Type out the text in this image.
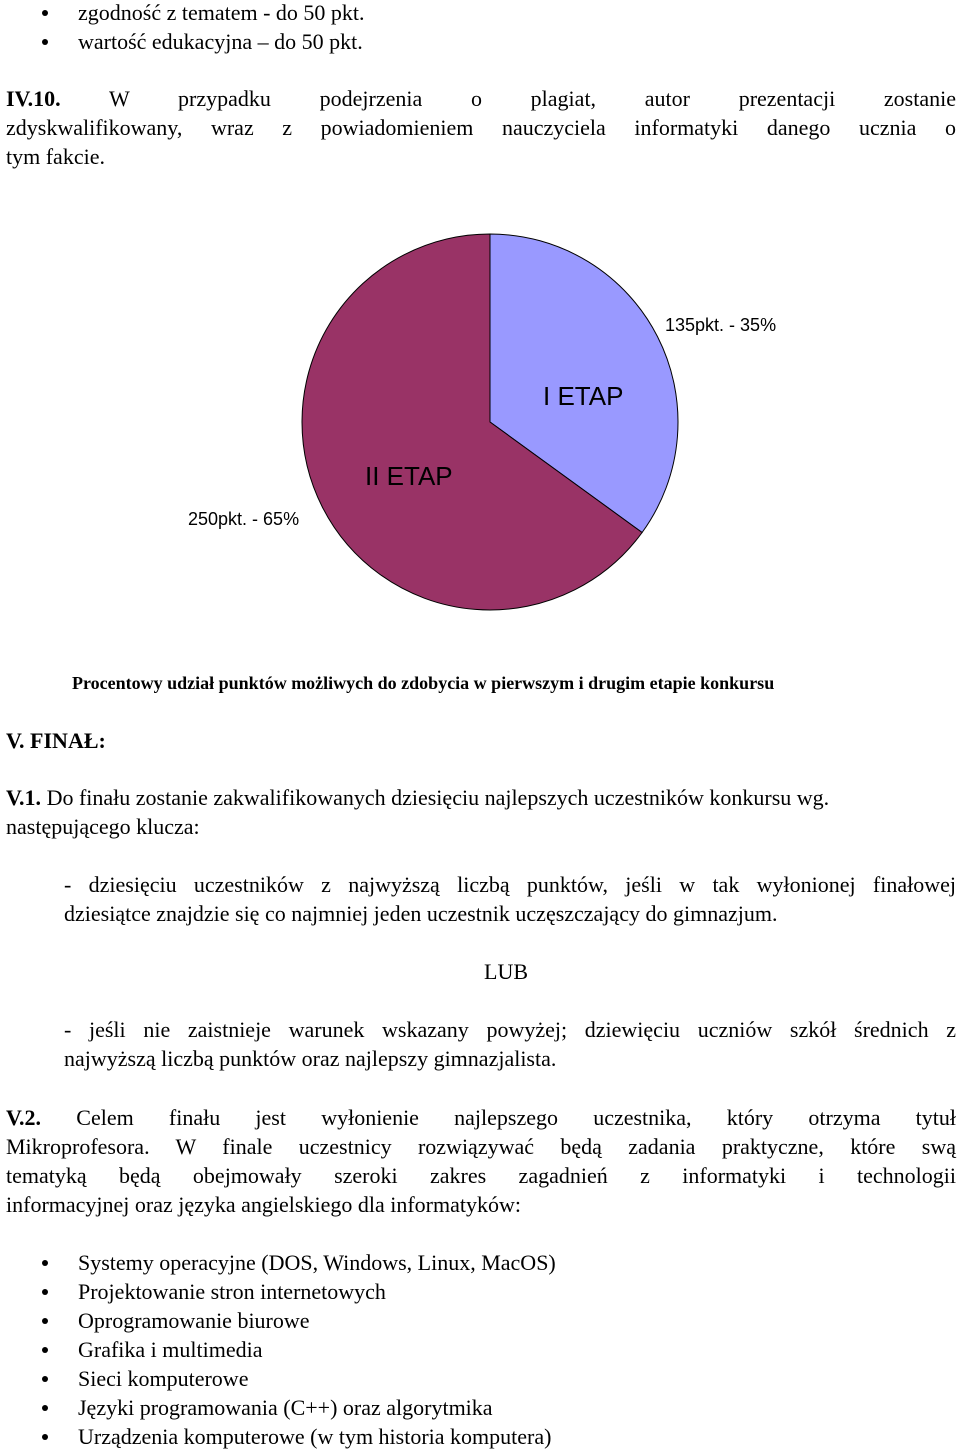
zgodność z tematem - do 50 pkt.
wartość edukacyjna – do 50 pkt.
IV.10. W przypadku podejrzenia o plagiat, autor prezentacji zostanie
zdyskwalifikowany, wraz z powiadomieniem nauczyciela informatyki danego ucznia o
tym fakcie.
I ETAP
II ETAP
135pkt. - 35%
250pkt. - 65%
Procentowy udział punktów możliwych do zdobycia w pierwszym i drugim etapie konkursu
V. FINAŁ:
V.1. Do finału zostanie zakwalifikowanych dziesięciu najlepszych uczestników konkursu wg.
następującego klucza:
- dziesięciu uczestników z najwyższą liczbą punktów, jeśli w tak wyłonionej finałowej
dziesiątce znajdzie się co najmniej jeden uczestnik uczęszczający do gimnazjum.
LUB
- jeśli nie zaistnieje warunek wskazany powyżej; dziewięciu uczniów szkół średnich z
najwyższą liczbą punktów oraz najlepszy gimnazjalista.
V.2. Celem finału jest wyłonienie najlepszego uczestnika, który otrzyma tytuł
Mikroprofesora. W finale uczestnicy rozwiązywać będą zadania praktyczne, które swą
tematyką będą obejmowały szeroki zakres zagadnień z informatyki i technologii
informacyjnej oraz języka angielskiego dla informatyków:
Systemy operacyjne (DOS, Windows, Linux, MacOS)
Projektowanie stron internetowych
Oprogramowanie biurowe
Grafika i multimedia
Sieci komputerowe
Języki programowania (C++) oraz algorytmika
Urządzenia komputerowe (w tym historia komputera)
